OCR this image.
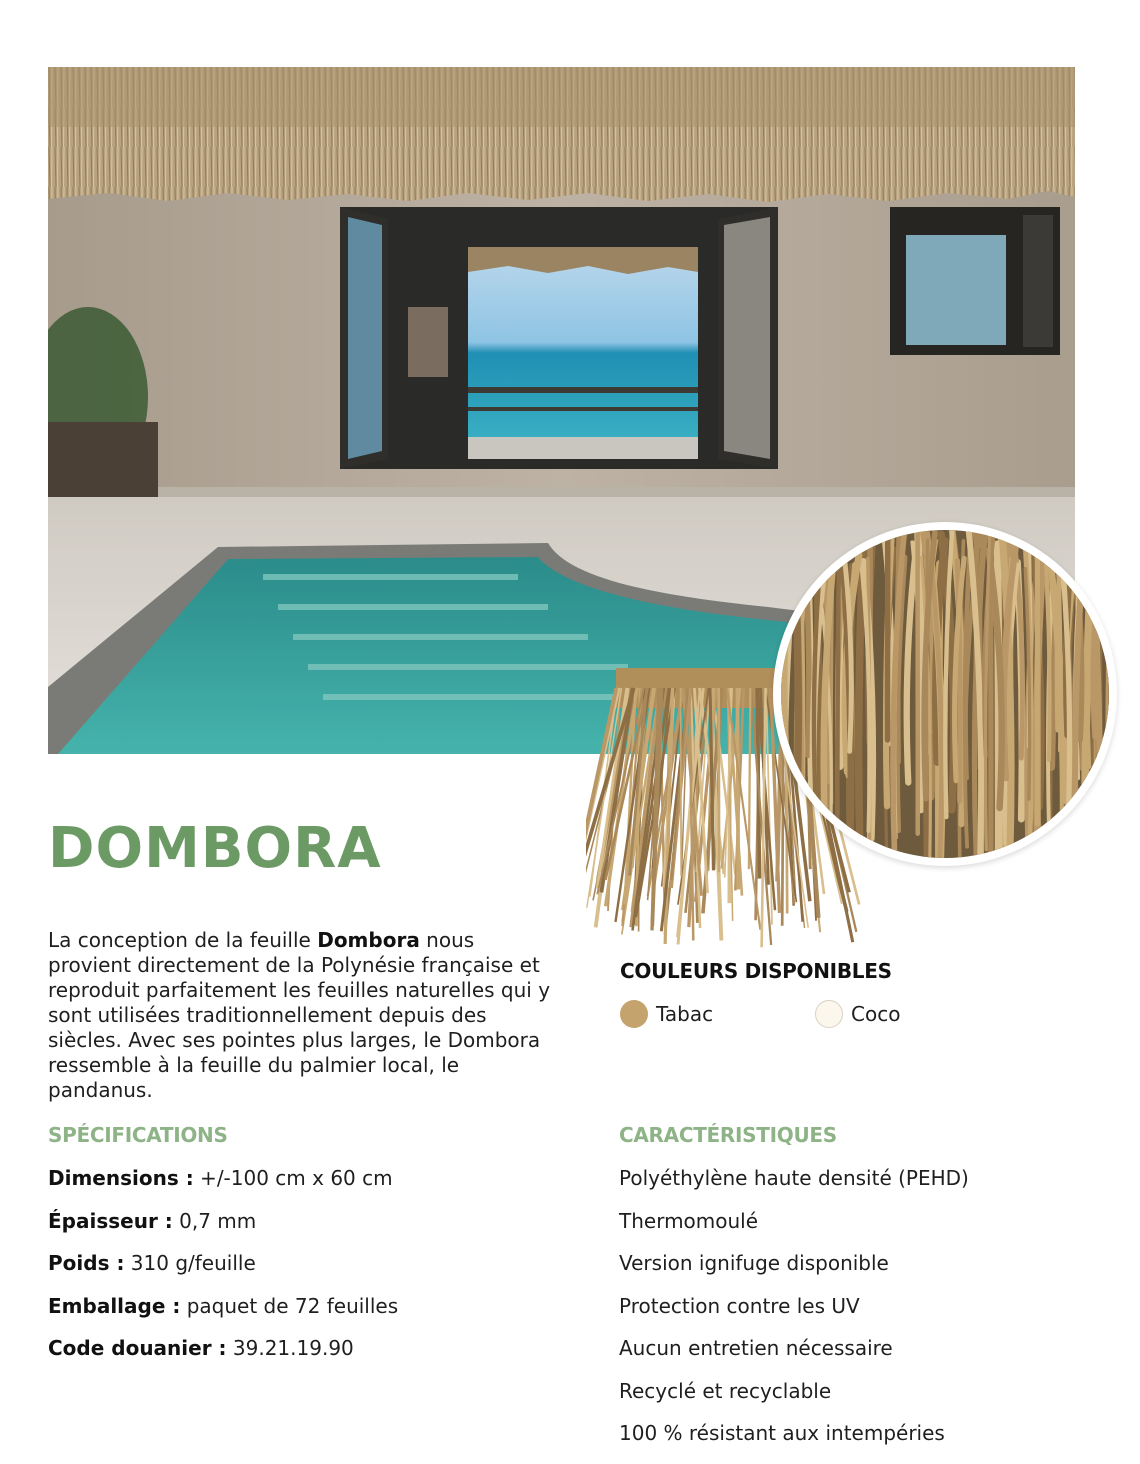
DOMBORA

La conception de la feuille Dombora nous provient directement de la Polynésie française et reproduit parfaitement les feuilles naturelles qui y sont utilisées traditionnellement depuis des siècles. Avec ses pointes plus larges, le Dombora ressemble à la feuille du palmier local, le pandanus.

COULEURS DISPONIBLES
Tabac	Coco
SPÉCIFICATIONS
Dimensions : +/-100 cm x 60 cm
Épaisseur : 0,7 mm
Poids : 310 g/feuille
Emballage : paquet de 72 feuilles
Code douanier : 39.21.19.90
CARACTÉRISTIQUES
Polyéthylène haute densité (PEHD)
Thermomoulé
Version ignifuge disponible
Protection contre les UV
Aucun entretien nécessaire
Recyclé et recyclable
100 % résistant aux intempéries
